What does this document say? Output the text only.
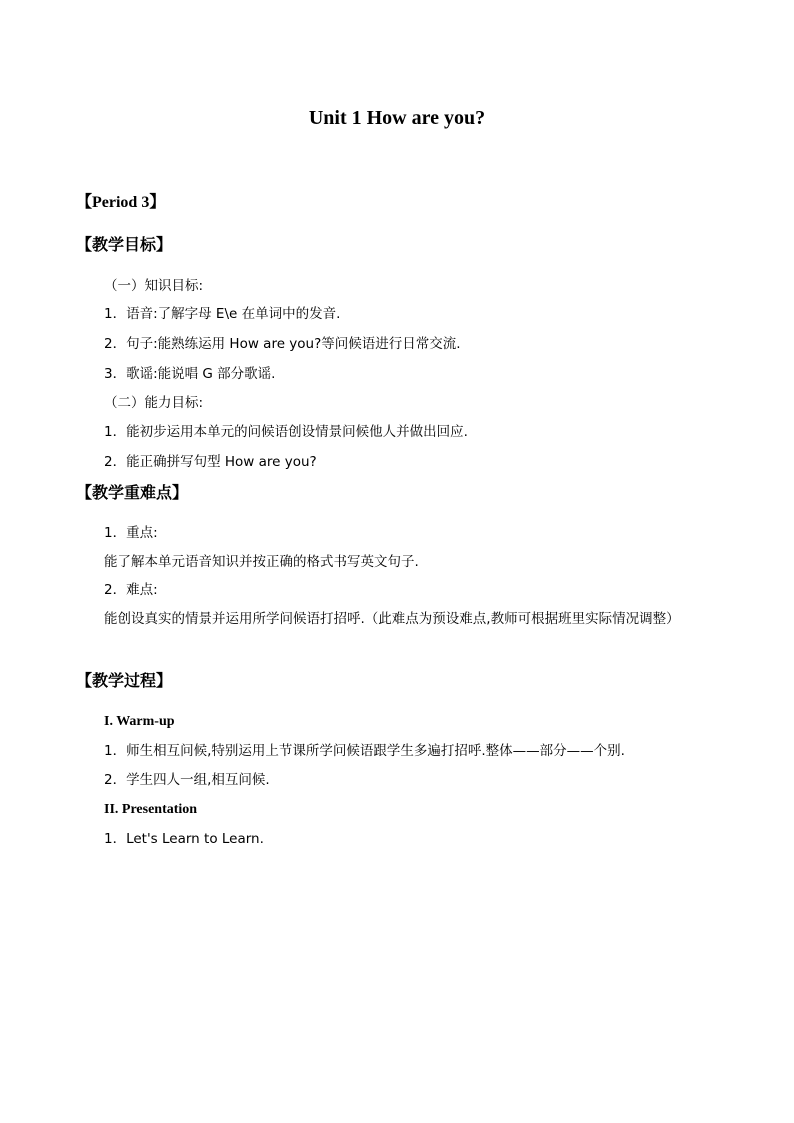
Unit 1 How are you?
【Period 3】
【教学目标】
（一）知识目标:
1．语音:了解字母 E\e 在单词中的发音.
2．句子:能熟练运用 How are you?等问候语进行日常交流.
3．歌谣:能说唱 G 部分歌谣.
（二）能力目标:
1．能初步运用本单元的问候语创设情景问候他人并做出回应.
2．能正确拼写句型 How are you?
【教学重难点】
1．重点:
能了解本单元语音知识并按正确的格式书写英文句子.
2．难点:
能创设真实的情景并运用所学问候语打招呼.（此难点为预设难点,教师可根据班里实际情况调整）
【教学过程】
I. Warm-up
1．师生相互问候,特别运用上节课所学问候语跟学生多遍打招呼.整体——部分——个别.
2．学生四人一组,相互问候.
II. Presentation
1．Let's Learn to Learn.
